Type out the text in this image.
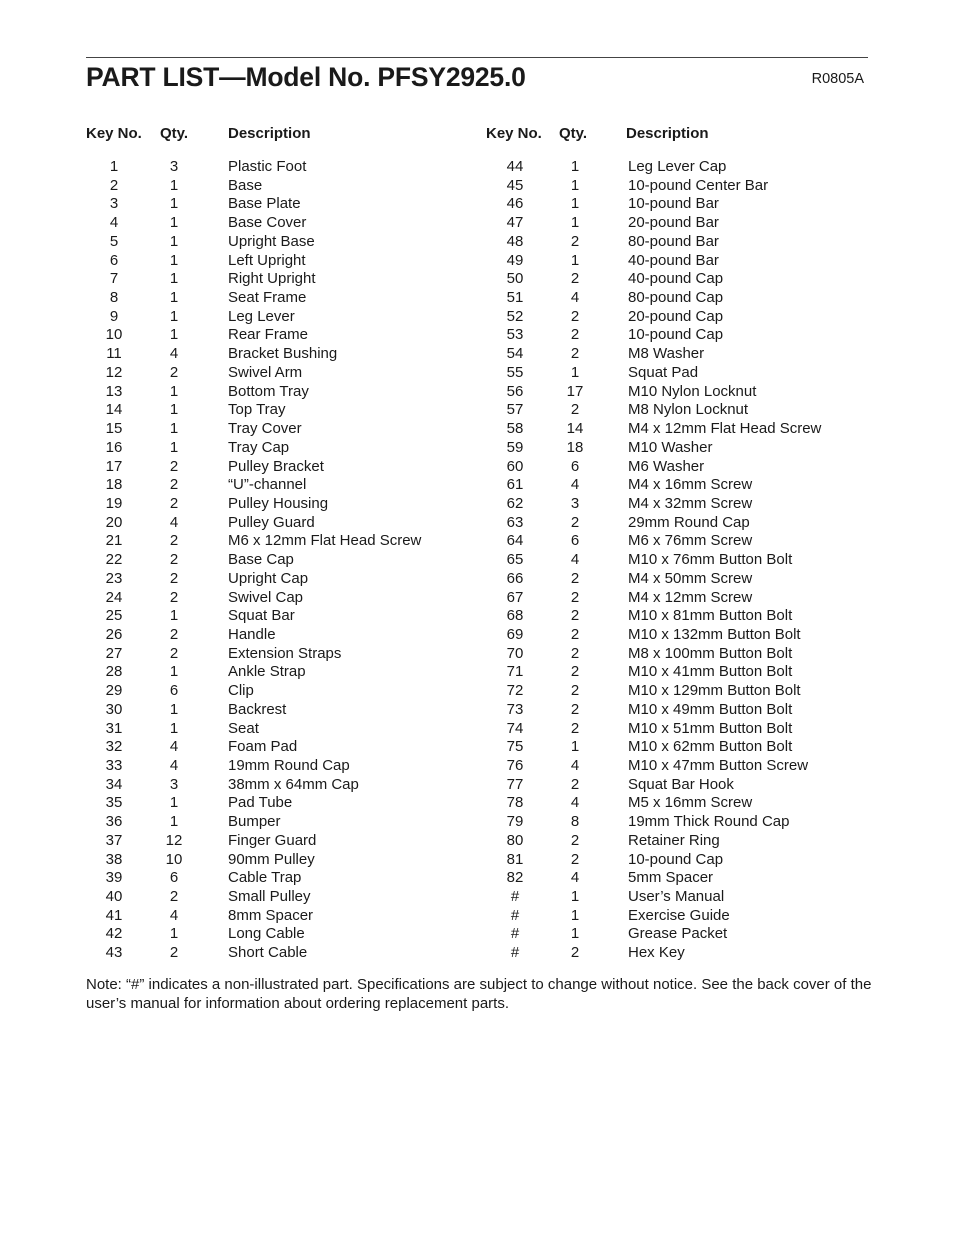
PART LIST—Model No. PFSY2925.0	R0805A
Key No. Qty.	Description
1	3	Plastic Foot
2	1	Base
3	1	Base Plate
4	1	Base Cover
5	1	Upright Base
6	1	Left Upright
7	1	Right Upright
8	1	Seat Frame
9	1	Leg Lever
10	1	Rear Frame
11	4	Bracket Bushing
12	2	Swivel Arm
13	1	Bottom Tray
14	1	Top Tray
15	1	Tray Cover
16	1	Tray Cap
17	2	Pulley Bracket
18	2	“U”-channel
19	2	Pulley Housing
20	4	Pulley Guard
21	2	M6 x 12mm Flat Head Screw
22	2	Base Cap
23	2	Upright Cap
24	2	Swivel Cap
25	1	Squat Bar
26	2	Handle
27	2	Extension Straps
28	1	Ankle Strap
29	6	Clip
30	1	Backrest
31	1	Seat
32	4	Foam Pad
33	4	19mm Round Cap
34	3	38mm x 64mm Cap
35	1	Pad Tube
36	1	Bumper
37	12	Finger Guard
38	10	90mm Pulley
39	6	Cable Trap
40	2	Small Pulley
41	4	8mm Spacer
42	1	Long Cable
43	2	Short Cable
Key No. Qty.	Description
44	1	Leg Lever Cap
45	1	10-pound Center Bar
46	1	10-pound Bar
47	1	20-pound Bar
48	2	80-pound Bar
49	1	40-pound Bar
50	2	40-pound Cap
51	4	80-pound Cap
52	2	20-pound Cap
53	2	10-pound Cap
54	2	M8 Washer
55	1	Squat Pad
56	17	M10 Nylon Locknut
57	2	M8 Nylon Locknut
58	14	M4 x 12mm Flat Head Screw
59	18	M10 Washer
60	6	M6 Washer
61	4	M4 x 16mm Screw
62	3	M4 x 32mm Screw
63	2	29mm Round Cap
64	6	M6 x 76mm Screw
65	4	M10 x 76mm Button Bolt
66	2	M4 x 50mm Screw
67	2	M4 x 12mm Screw
68	2	M10 x 81mm Button Bolt
69	2	M10 x 132mm Button Bolt
70	2	M8 x 100mm Button Bolt
71	2	M10 x 41mm Button Bolt
72	2	M10 x 129mm Button Bolt
73	2	M10 x 49mm Button Bolt
74	2	M10 x 51mm Button Bolt
75	1	M10 x 62mm Button Bolt
76	4	M10 x 47mm Button Screw
77	2	Squat Bar Hook
78	4	M5 x 16mm Screw
79	8	19mm Thick Round Cap
80	2	Retainer Ring
81	2	10-pound Cap
82	4	5mm Spacer
#	1	User’s Manual
#	1	Exercise Guide
#	1	Grease Packet
#	2	Hex Key
Note: “#” indicates a non-illustrated part. Specifications are subject to change without notice. See the back cover of the user’s manual for information about ordering replacement parts.
